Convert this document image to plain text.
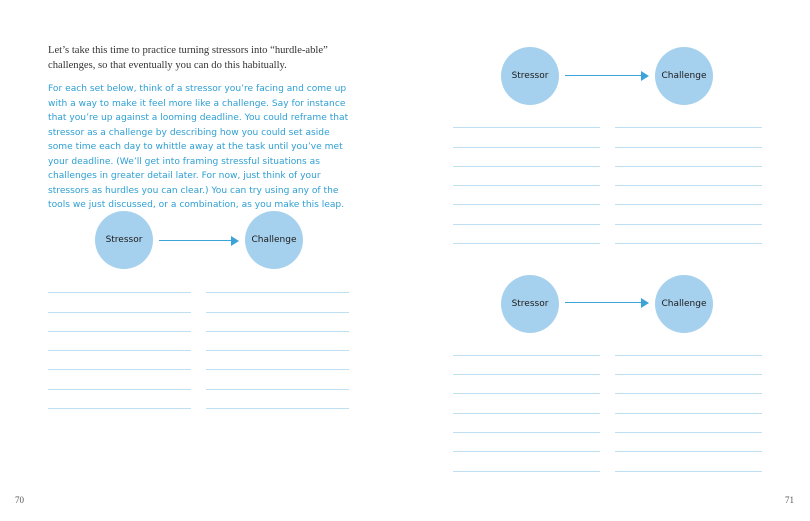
Let’s take this time to practice turning stressors into “hurdle-able” challenges, so that eventually you can do this habitually.

For each set below, think of a stressor you’re facing and come up with a way to make it feel more like a challenge. Say for instance that you’re up against a looming deadline. You could reframe that stressor as a challenge by describing how you could set aside some time each day to whittle away at the task until you’ve met your deadline. (We’ll get into framing stressful situations as challenges in greater detail later. For now, just think of your stressors as hurdles you can clear.) You can try using any of the tools we just discussed, or a combination, as you make this leap.

Stressor	Challenge
70
Stressor	Challenge
Stressor	Challenge
71
